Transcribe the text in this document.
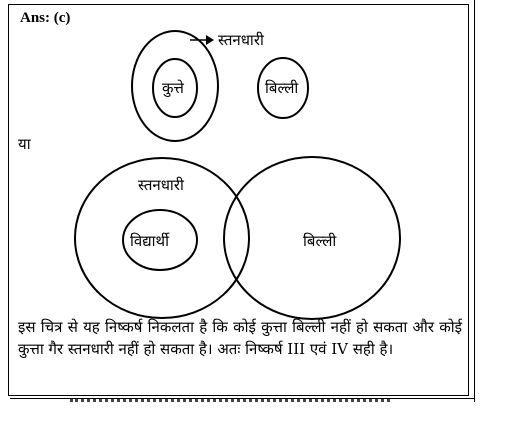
Ans: (c)
स्तनधारी
कुत्ते	बिल्ली
स्तनधारी
विद्यार्थी	बिल्ली
या
इस चित्र से यह निष्कर्ष निकलता है कि कोई कुत्ता बिल्ली नहीं हो सकता और कोई कुत्ता गैर स्तनधारी नहीं हो सकता है। अतः निष्कर्ष III एवं IV सही है।
